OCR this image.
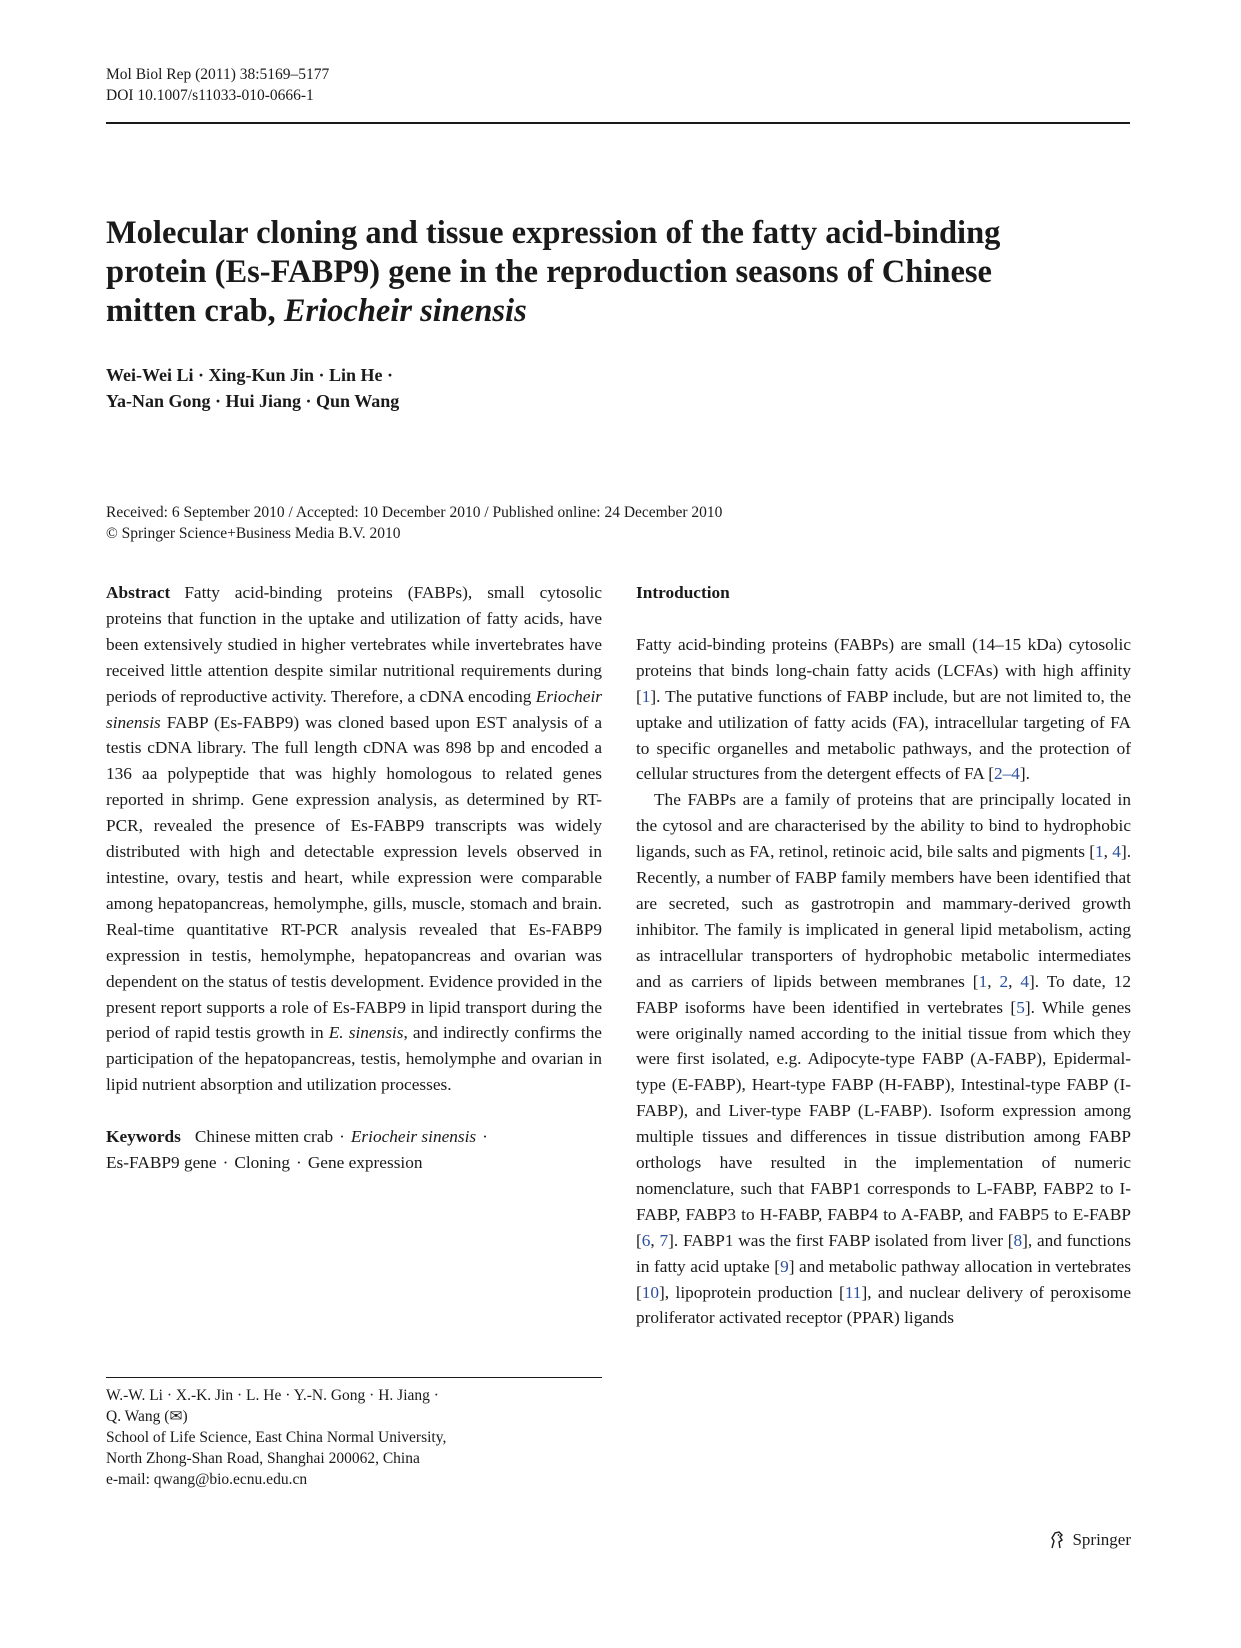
Mol Biol Rep (2011) 38:5169–5177
DOI 10.1007/s11033-010-0666-1
Molecular cloning and tissue expression of the fatty acid-binding
protein (Es-FABP9) gene in the reproduction seasons of Chinese
mitten crab, Eriocheir sinensis
Wei-Wei Li · Xing-Kun Jin · Lin He ·
Ya-Nan Gong · Hui Jiang · Qun Wang
Received: 6 September 2010 / Accepted: 10 December 2010 / Published online: 24 December 2010
© Springer Science+Business Media B.V. 2010

Abstract Fatty acid-binding proteins (FABPs), small cytosolic proteins that function in the uptake and utilization of fatty acids, have been extensively studied in higher vertebrates while invertebrates have received little attention despite similar nutritional requirements during periods of reproductive activity. Therefore, a cDNA encoding Eriocheir sinensis FABP (Es-FABP9) was cloned based upon EST analysis of a testis cDNA library. The full length cDNA was 898 bp and encoded a 136 aa polypeptide that was highly homologous to related genes reported in shrimp. Gene expression analysis, as determined by RT-PCR, revealed the presence of Es-FABP9 transcripts was widely distributed with high and detectable expression levels observed in intestine, ovary, testis and heart, while expression were comparable among hepatopancreas, hemolymphe, gills, muscle, stomach and brain. Real-time quantitative RT-PCR analysis revealed that Es-FABP9 expression in testis, hemolymphe, hepatopancreas and ovarian was dependent on the status of testis development. Evidence provided in the present report supports a role of Es-FABP9 in lipid transport during the period of rapid testis growth in E. sinensis, and indirectly confirms the participation of the hepatopancreas, testis, hemolymphe and ovarian in lipid nutrient absorption and utilization processes.

Keywords Chinese mitten crab · Eriocheir sinensis ·
Es-FABP9 gene · Cloning · Gene expression

W.-W. Li · X.-K. Jin · L. He · Y.-N. Gong · H. Jiang ·
Q. Wang (✉)
School of Life Science, East China Normal University,
North Zhong-Shan Road, Shanghai 200062, China
e-mail: qwang@bio.ecnu.edu.cn
Introduction

Fatty acid-binding proteins (FABPs) are small (14–15 kDa) cytosolic proteins that binds long-chain fatty acids (LCFAs) with high affinity [1]. The putative functions of FABP include, but are not limited to, the uptake and utilization of fatty acids (FA), intracellular targeting of FA to specific organelles and metabolic pathways, and the protection of cellular structures from the detergent effects of FA [2–4].

The FABPs are a family of proteins that are principally located in the cytosol and are characterised by the ability to bind to hydrophobic ligands, such as FA, retinol, retinoic acid, bile salts and pigments [1, 4]. Recently, a number of FABP family members have been identified that are secreted, such as gastrotropin and mammary-derived growth inhibitor. The family is implicated in general lipid metabolism, acting as intracellular transporters of hydrophobic metabolic intermediates and as carriers of lipids between membranes [1, 2, 4]. To date, 12 FABP isoforms have been identified in vertebrates [5]. While genes were originally named according to the initial tissue from which they were first isolated, e.g. Adipocyte-type FABP (A-FABP), Epidermal-type (E-FABP), Heart-type FABP (H-FABP), Intestinal-type FABP (I-FABP), and Liver-type FABP (L-FABP). Isoform expression among multiple tissues and differences in tissue distribution among FABP orthologs have resulted in the implementation of numeric nomenclature, such that FABP1 corresponds to L-FABP, FABP2 to I-FABP, FABP3 to H-FABP, FABP4 to A-FABP, and FABP5 to E-FABP [6, 7]. FABP1 was the first FABP isolated from liver [8], and functions in fatty acid uptake [9] and metabolic pathway allocation in vertebrates [10], lipoprotein production [11], and nuclear delivery of peroxisome proliferator activated receptor (PPAR) ligands

Springer
